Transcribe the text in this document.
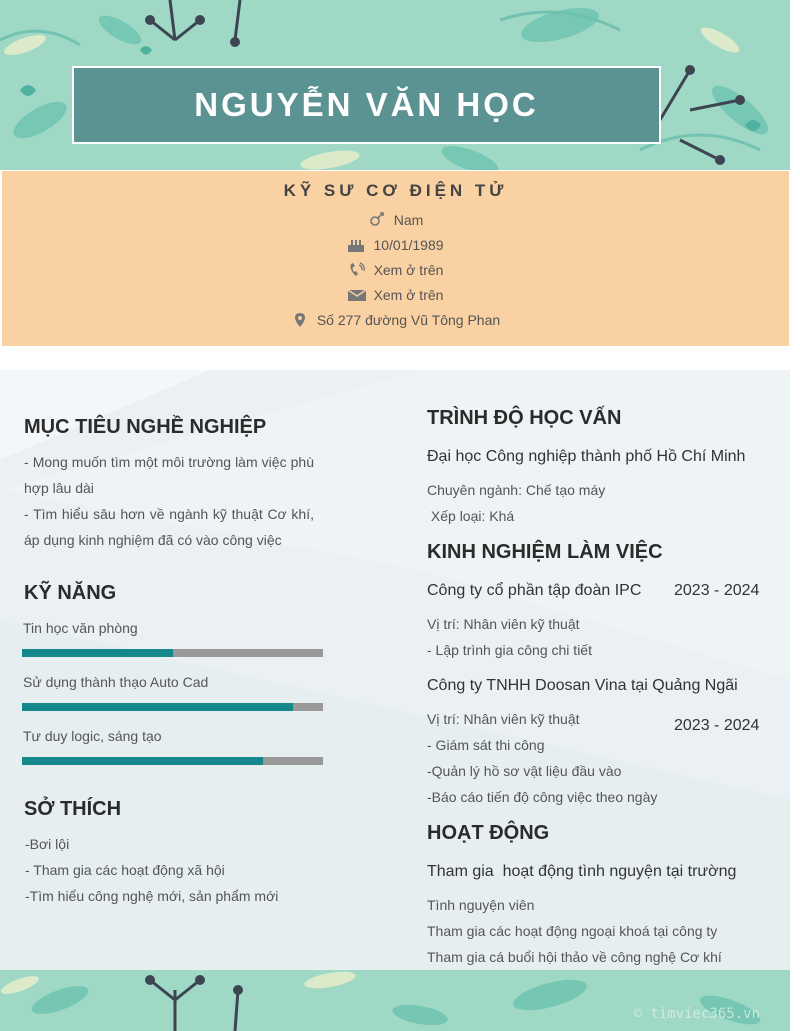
NGUYỄN VĂN HỌC
KỸ SƯ CƠ ĐIỆN TỬ
Nam
10/01/1989
Xem ở trên
Xem ở trên
Số 277 đường Vũ Tông Phan
MỤC TIÊU NGHỀ NGHIỆP
- Mong muốn tìm một môi trường làm việc phù hợp lâu dài
- Tìm hiểu sâu hơn về ngành kỹ thuật Cơ khí, áp dụng kinh nghiệm đã có vào công việc
KỸ NĂNG

Tin học văn phòng

Sử dụng thành thạo Auto Cad

Tư duy logic, sáng tạo

SỞ THÍCH

-Bơi lội

- Tham gia các hoạt động xã hội

-Tìm hiểu công nghệ mới, sản phẩm mới

TRÌNH ĐỘ HỌC VẤN

Đại học Công nghiệp thành phố Hồ Chí Minh

Chuyên ngành: Chế tạo máy

Xếp loại: Khá

KINH NGHIỆM LÀM VIỆC

Công ty cổ phần tập đoàn IPC 2023 - 2024

Vị trí: Nhân viên kỹ thuật

- Lập trình gia công chi tiết

Công ty TNHH Doosan Vina tại Quảng Ngãi

2023 - 2024

Vị trí: Nhân viên kỹ thuật

- Giám sát thi công

-Quản lý hồ sơ vật liệu đầu vào

-Báo cáo tiến độ công việc theo ngày

HOẠT ĐỘNG

Tham gia  hoạt động tình nguyện tại trường

Tình nguyện viên

Tham gia các hoạt động ngoại khoá tại công ty

Tham gia cá buổi hội thảo về công nghệ Cơ khí

© timviec365.vn
